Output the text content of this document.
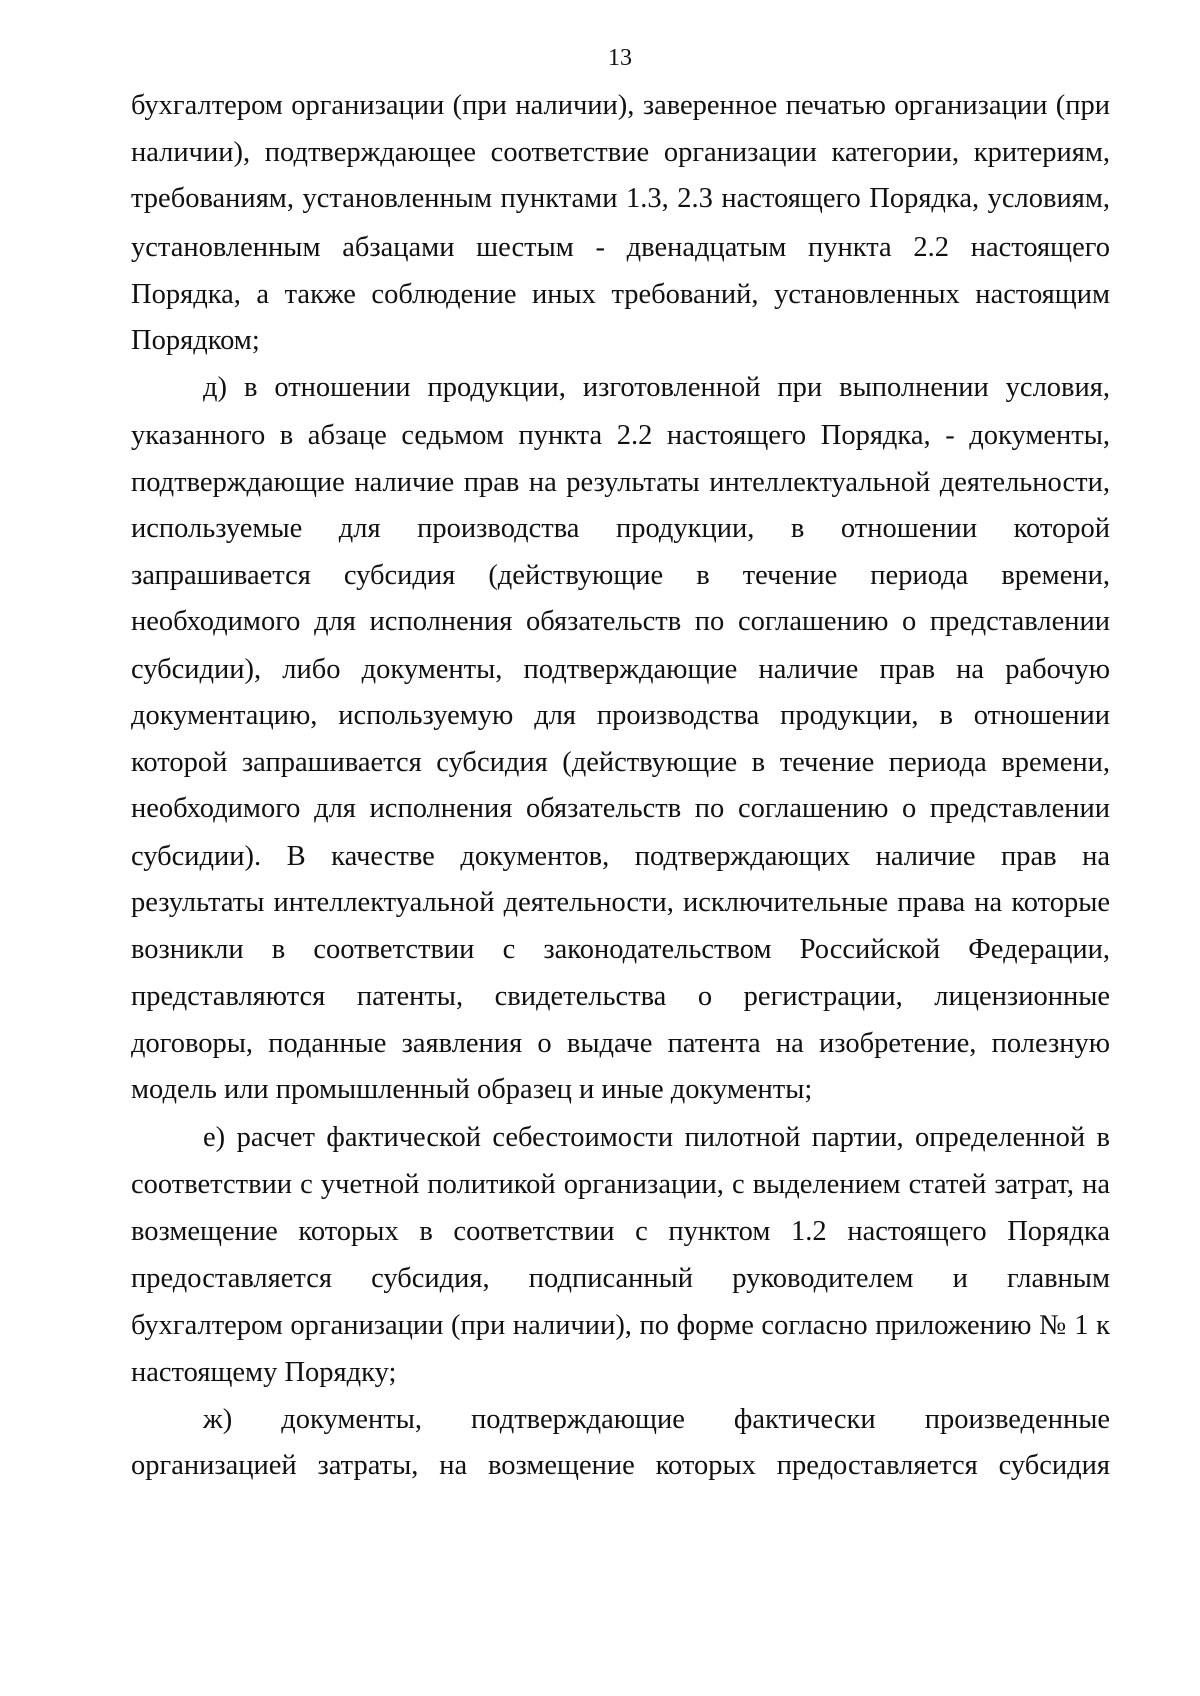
13
бухгалтером организации (при наличии), заверенное печатью организации (при
наличии), подтверждающее соответствие организации категории, критериям,
требованиям, установленным пунктами 1.3, 2.3 настоящего Порядка, условиям,
установленным абзацами шестым - двенадцатым пункта 2.2 настоящего
Порядка, а также соблюдение иных требований, установленных настоящим
Порядком;
д) в отношении продукции, изготовленной при выполнении условия,
указанного в абзаце седьмом пункта 2.2 настоящего Порядка, - документы,
подтверждающие наличие прав на результаты интеллектуальной деятельности,
используемые для производства продукции, в отношении которой
запрашивается субсидия (действующие в течение периода времени,
необходимого для исполнения обязательств по соглашению о представлении
субсидии), либо документы, подтверждающие наличие прав на рабочую
документацию, используемую для производства продукции, в отношении
которой запрашивается субсидия (действующие в течение периода времени,
необходимого для исполнения обязательств по соглашению о представлении
субсидии). В качестве документов, подтверждающих наличие прав на
результаты интеллектуальной деятельности, исключительные права на которые
возникли в соответствии с законодательством Российской Федерации,
представляются патенты, свидетельства о регистрации, лицензионные
договоры, поданные заявления о выдаче патента на изобретение, полезную
модель или промышленный образец и иные документы;
е) расчет фактической себестоимости пилотной партии, определенной в
соответствии с учетной политикой организации, с выделением статей затрат, на
возмещение которых в соответствии с пунктом 1.2 настоящего Порядка
предоставляется субсидия, подписанный руководителем и главным
бухгалтером организации (при наличии), по форме согласно приложению № 1 к
настоящему Порядку;
ж) документы, подтверждающие фактически произведенные
организацией затраты, на возмещение которых предоставляется субсидия
